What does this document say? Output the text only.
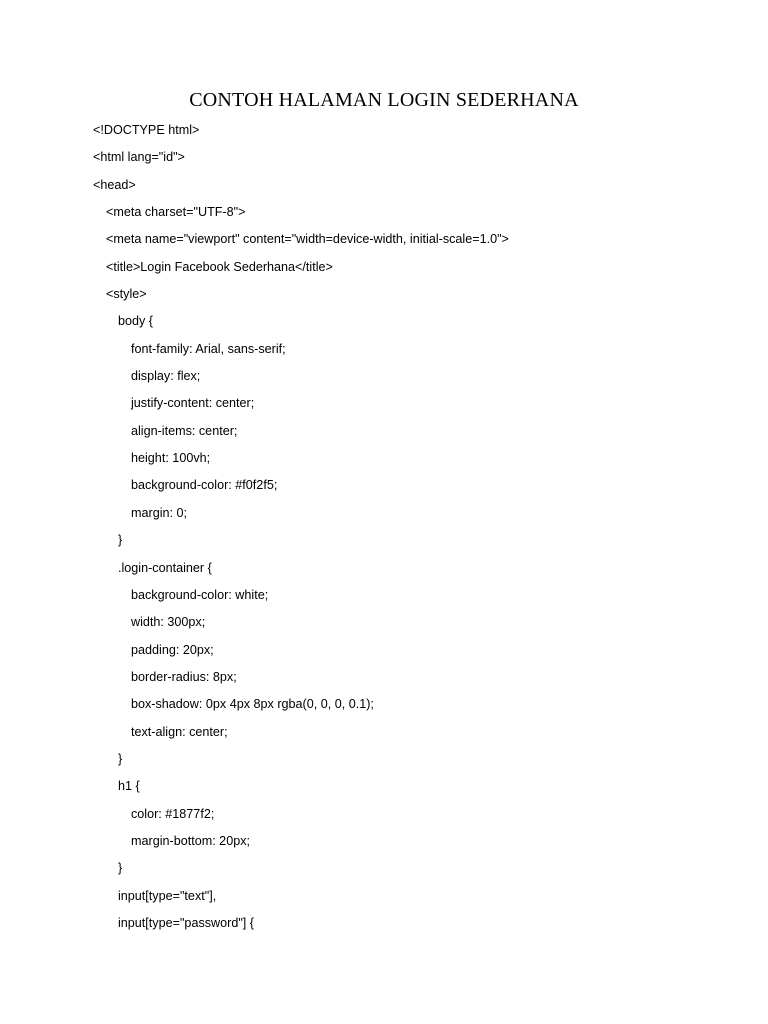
CONTOH HALAMAN LOGIN SEDERHANA
<!DOCTYPE html>
<html lang="id">
<head>
<meta charset="UTF-8">
<meta name="viewport" content="width=device-width, initial-scale=1.0">
<title>Login Facebook Sederhana</title>
<style>
body {
font-family: Arial, sans-serif;
display: flex;
justify-content: center;
align-items: center;
height: 100vh;
background-color: #f0f2f5;
margin: 0;
}
.login-container {
background-color: white;
width: 300px;
padding: 20px;
border-radius: 8px;
box-shadow: 0px 4px 8px rgba(0, 0, 0, 0.1);
text-align: center;
}
h1 {
color: #1877f2;
margin-bottom: 20px;
}
input[type="text"],
input[type="password"] {
